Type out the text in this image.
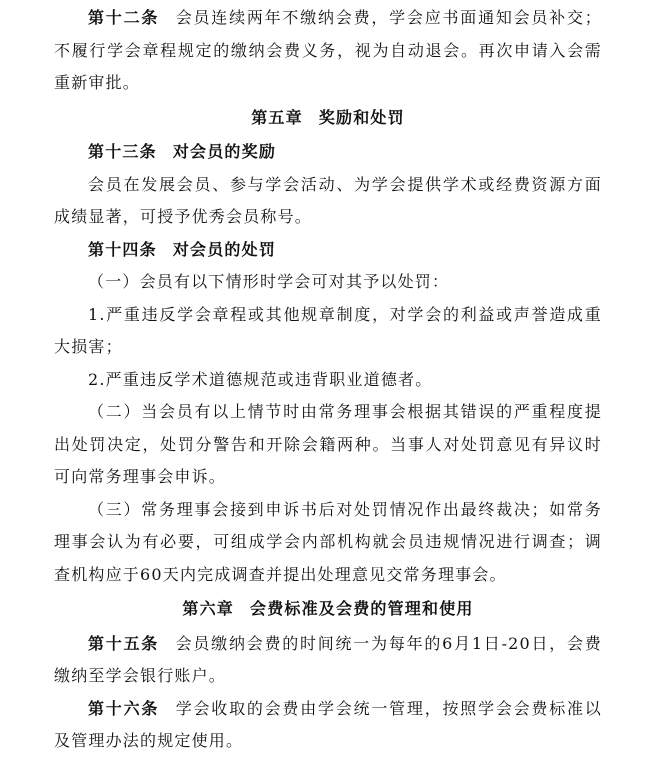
第十二条 会员连续两年不缴纳会费，学会应书面通知会员补交；不履行学会章程规定的缴纳会费义务，视为自动退会。再次申请入会需重新审批。

第五章 奖励和处罚

第十三条 对会员的奖励

会员在发展会员、参与学会活动、为学会提供学术或经费资源方面成绩显著，可授予优秀会员称号。

第十四条 对会员的处罚

（一）会员有以下情形时学会可对其予以处罚：

1.严重违反学会章程或其他规章制度，对学会的利益或声誉造成重大损害；

2.严重违反学术道德规范或违背职业道德者。

（二）当会员有以上情节时由常务理事会根据其错误的严重程度提出处罚决定，处罚分警告和开除会籍两种。当事人对处罚意见有异议时可向常务理事会申诉。

（三）常务理事会接到申诉书后对处罚情况作出最终裁决；如常务理事会认为有必要，可组成学会内部机构就会员违规情况进行调查；调查机构应于60天内完成调查并提出处理意见交常务理事会。

第六章 会费标准及会费的管理和使用

第十五条 会员缴纳会费的时间统一为每年的6月1日-20日，会费缴纳至学会银行账户。

第十六条 学会收取的会费由学会统一管理，按照学会会费标准以及管理办法的规定使用。
